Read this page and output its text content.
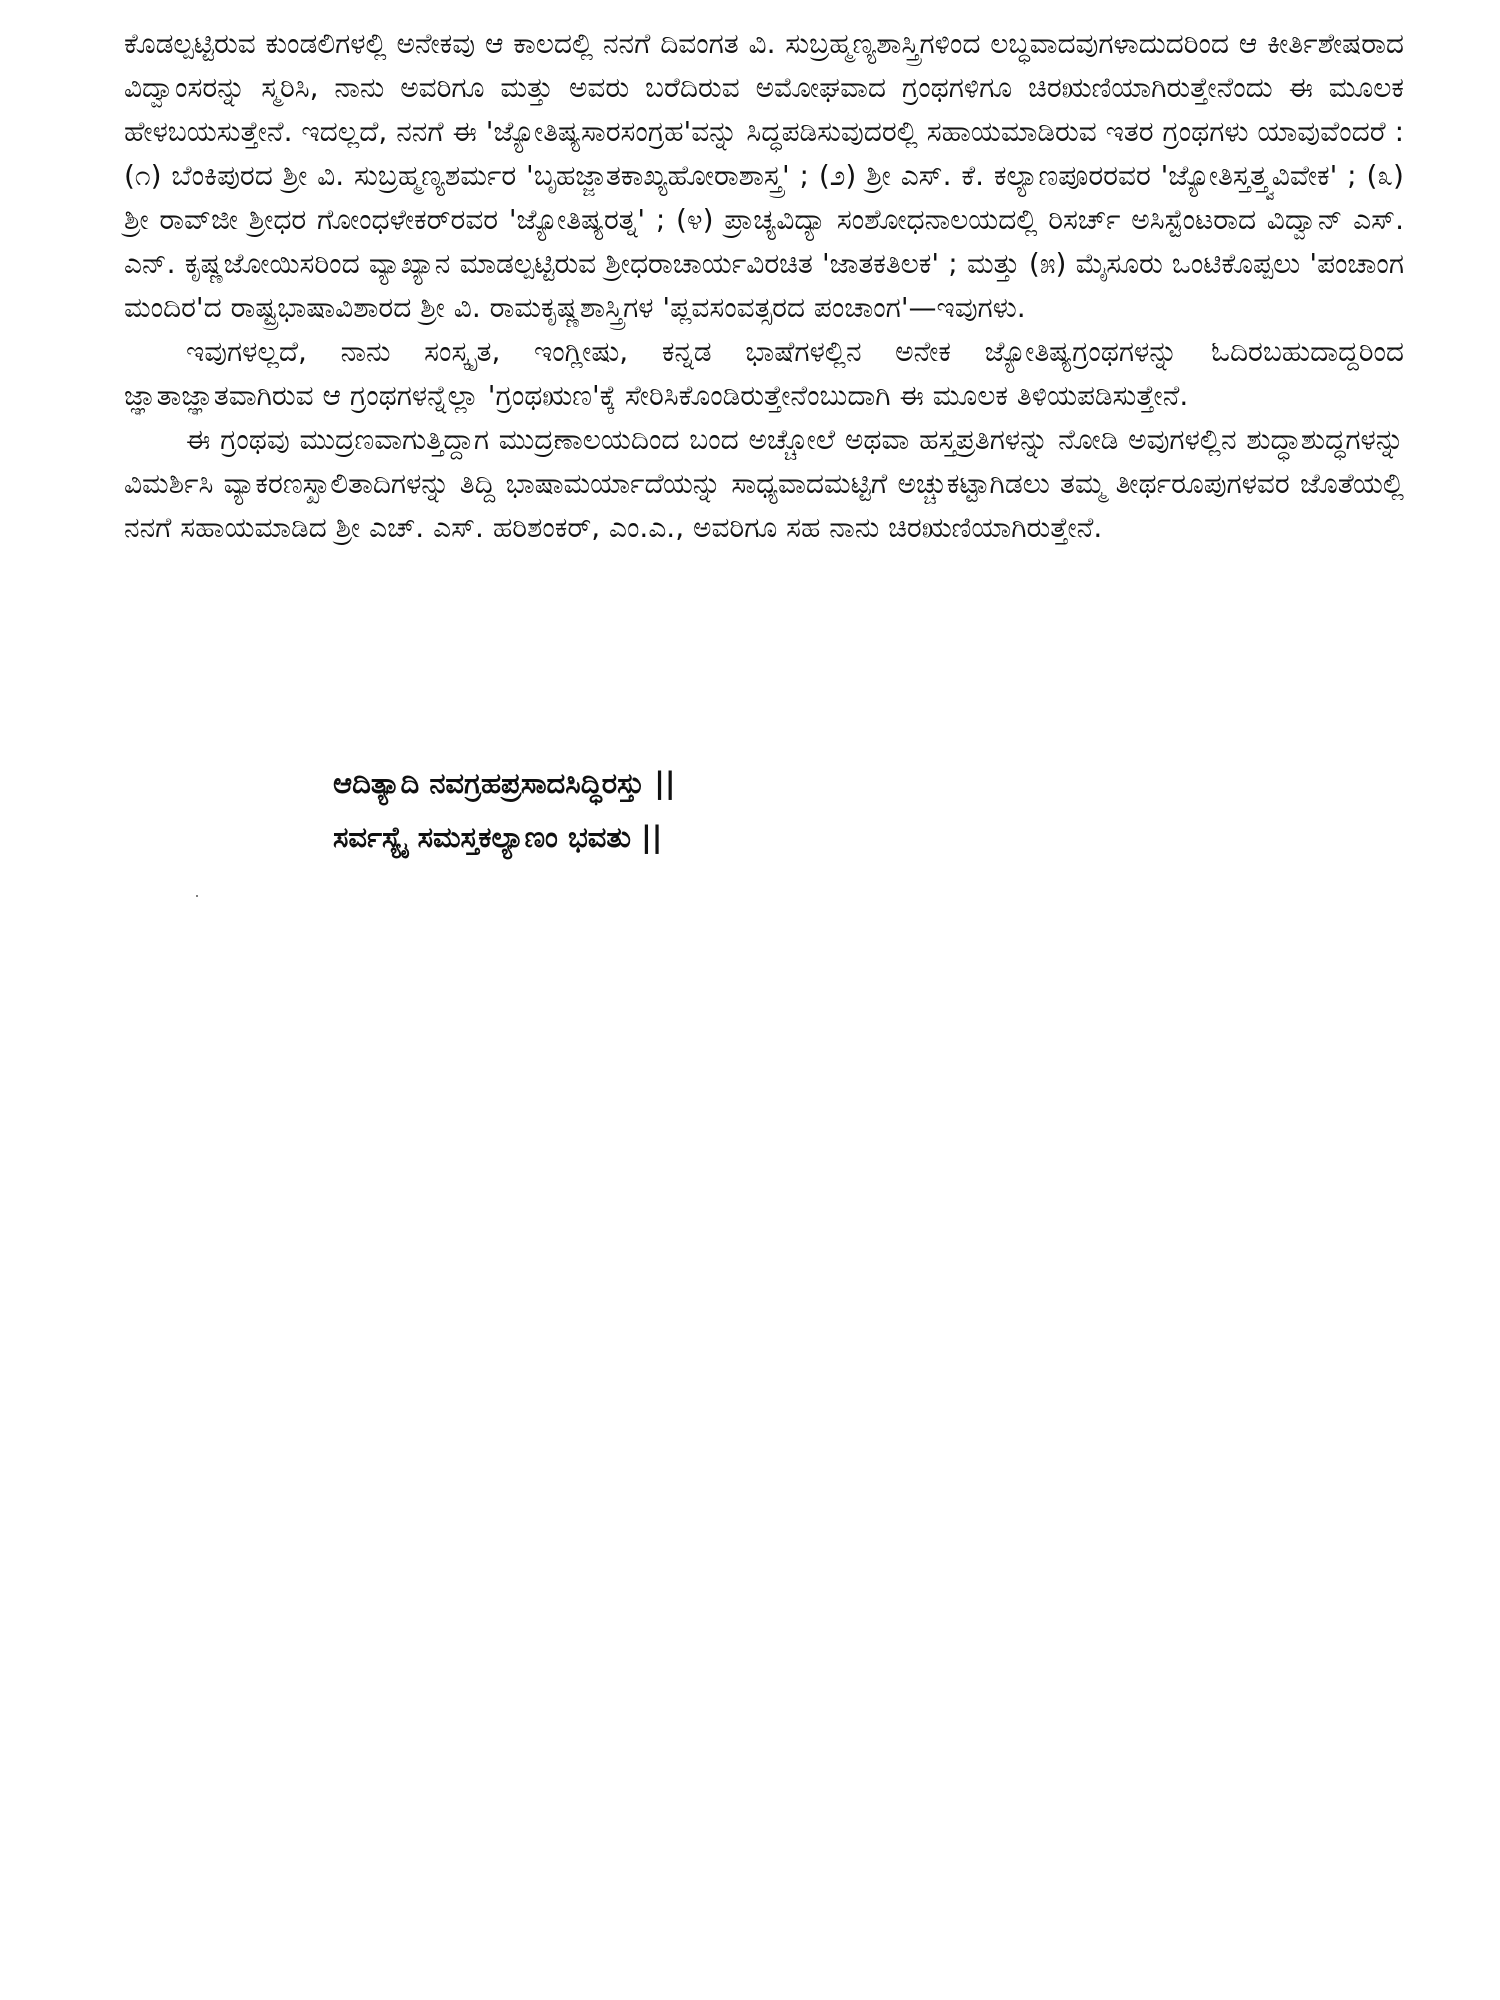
ಕೊಡಲ್ಪಟ್ಟಿರುವ ಕುಂಡಲಿಗಳಲ್ಲಿ ಅನೇಕವು ಆ ಕಾಲದಲ್ಲಿ ನನಗೆ ದಿವಂಗತ ವಿ. ಸುಬ್ರಹ್ಮಣ್ಯಶಾಸ್ತ್ರಿಗಳಿಂದ ಲಬ್ಧವಾದವುಗಳಾದುದರಿಂದ ಆ ಕೀರ್ತಿಶೇಷರಾದ ವಿದ್ವಾಂಸರನ್ನು ಸ್ಮರಿಸಿ, ನಾನು ಅವರಿಗೂ ಮತ್ತು ಅವರು ಬರೆದಿರುವ ಅಮೋಘವಾದ ಗ್ರಂಥಗಳಿಗೂ ಚಿರಋಣಿಯಾಗಿರುತ್ತೇನೆಂದು ಈ ಮೂಲಕ ಹೇಳಬಯಸುತ್ತೇನೆ. ಇದಲ್ಲದೆ, ನನಗೆ ಈ 'ಜ್ಯೋತಿಷ್ಯಸಾರಸಂಗ್ರಹ'ವನ್ನು ಸಿದ್ಧಪಡಿಸುವುದರಲ್ಲಿ ಸಹಾಯಮಾಡಿರುವ ಇತರ ಗ್ರಂಥಗಳು ಯಾವುವೆಂದರೆ : (೧) ಬೆಂಕಿಪುರದ ಶ್ರೀ ವಿ. ಸುಬ್ರಹ್ಮಣ್ಯಶರ್ಮರ 'ಬೃಹಜ್ಜಾತಕಾಖ್ಯಹೋರಾಶಾಸ್ತ್ರ' ; (೨) ಶ್ರೀ ಎಸ್. ಕೆ. ಕಲ್ಯಾಣಪೂರರವರ 'ಜ್ಯೋತಿಸ್ತತ್ತ್ವವಿವೇಕ' ; (೩) ಶ್ರೀ ರಾವ್‌ಜೀ ಶ್ರೀಧರ ಗೋಂಧಳೇಕರ್‌ರವರ 'ಜ್ಯೋತಿಷ್ಯರತ್ನ' ; (೪) ಪ್ರಾಚ್ಯವಿದ್ಯಾ ಸಂಶೋಧನಾಲಯದಲ್ಲಿ ರಿಸರ್ಚ್ ಅಸಿಸ್ಟೆಂಟರಾದ ವಿದ್ವಾನ್ ಎಸ್. ಎನ್. ಕೃಷ್ಣಜೋಯಿಸರಿಂದ ವ್ಯಾಖ್ಯಾನ ಮಾಡಲ್ಪಟ್ಟಿರುವ ಶ್ರೀಧರಾಚಾರ್ಯವಿರಚಿತ 'ಜಾತಕತಿಲಕ' ; ಮತ್ತು (೫) ಮೈಸೂರು ಒಂಟಿಕೊಪ್ಪಲು 'ಪಂಚಾಂಗ ಮಂದಿರ'ದ ರಾಷ್ಟ್ರಭಾಷಾವಿಶಾರದ ಶ್ರೀ ವಿ. ರಾಮಕೃಷ್ಣಶಾಸ್ತ್ರಿಗಳ 'ಪ್ಲವಸಂವತ್ಸರದ ಪಂಚಾಂಗ'—ಇವುಗಳು.

ಇವುಗಳಲ್ಲದೆ, ನಾನು ಸಂಸ್ಕೃತ, ಇಂಗ್ಲೀಷು, ಕನ್ನಡ ಭಾಷೆಗಳಲ್ಲಿನ ಅನೇಕ ಜ್ಯೋತಿಷ್ಯಗ್ರಂಥಗಳನ್ನು ಓದಿರಬಹುದಾದ್ದರಿಂದ ಜ್ಞಾತಾಜ್ಞಾತವಾಗಿರುವ ಆ ಗ್ರಂಥಗಳನ್ನೆಲ್ಲಾ 'ಗ್ರಂಥಋಣ'ಕ್ಕೆ ಸೇರಿಸಿಕೊಂಡಿರುತ್ತೇನೆಂಬುದಾಗಿ ಈ ಮೂಲಕ ತಿಳಿಯಪಡಿಸುತ್ತೇನೆ.

ಈ ಗ್ರಂಥವು ಮುದ್ರಣವಾಗುತ್ತಿದ್ದಾಗ ಮುದ್ರಣಾಲಯದಿಂದ ಬಂದ ಅಚ್ಚೋಲೆ ಅಥವಾ ಹಸ್ತಪ್ರತಿಗಳನ್ನು ನೋಡಿ ಅವುಗಳಲ್ಲಿನ ಶುದ್ಧಾಶುದ್ಧಗಳನ್ನು ವಿಮರ್ಶಿಸಿ ವ್ಯಾಕರಣಸ್ಖಾಲಿತಾದಿಗಳನ್ನು ತಿದ್ದಿ ಭಾಷಾಮರ್ಯಾದೆಯನ್ನು ಸಾಧ್ಯವಾದಮಟ್ಟಿಗೆ ಅಚ್ಚುಕಟ್ಟಾಗಿಡಲು ತಮ್ಮ ತೀರ್ಥರೂಪುಗಳವರ ಜೊತೆಯಲ್ಲಿ ನನಗೆ ಸಹಾಯಮಾಡಿದ ಶ್ರೀ ಎಚ್. ಎಸ್. ಹರಿಶಂಕರ್, ಎಂ.ಎ., ಅವರಿಗೂ ಸಹ ನಾನು ಚಿರಋಣಿಯಾಗಿರುತ್ತೇನೆ.

ಆದಿತ್ಯಾದಿ ನವಗ್ರಹಪ್ರಸಾದಸಿದ್ಧಿರಸ್ತು ||
ಸರ್ವಸ್ಯೈ ಸಮಸ್ತಕಲ್ಯಾಣಂ ಭವತು ||
